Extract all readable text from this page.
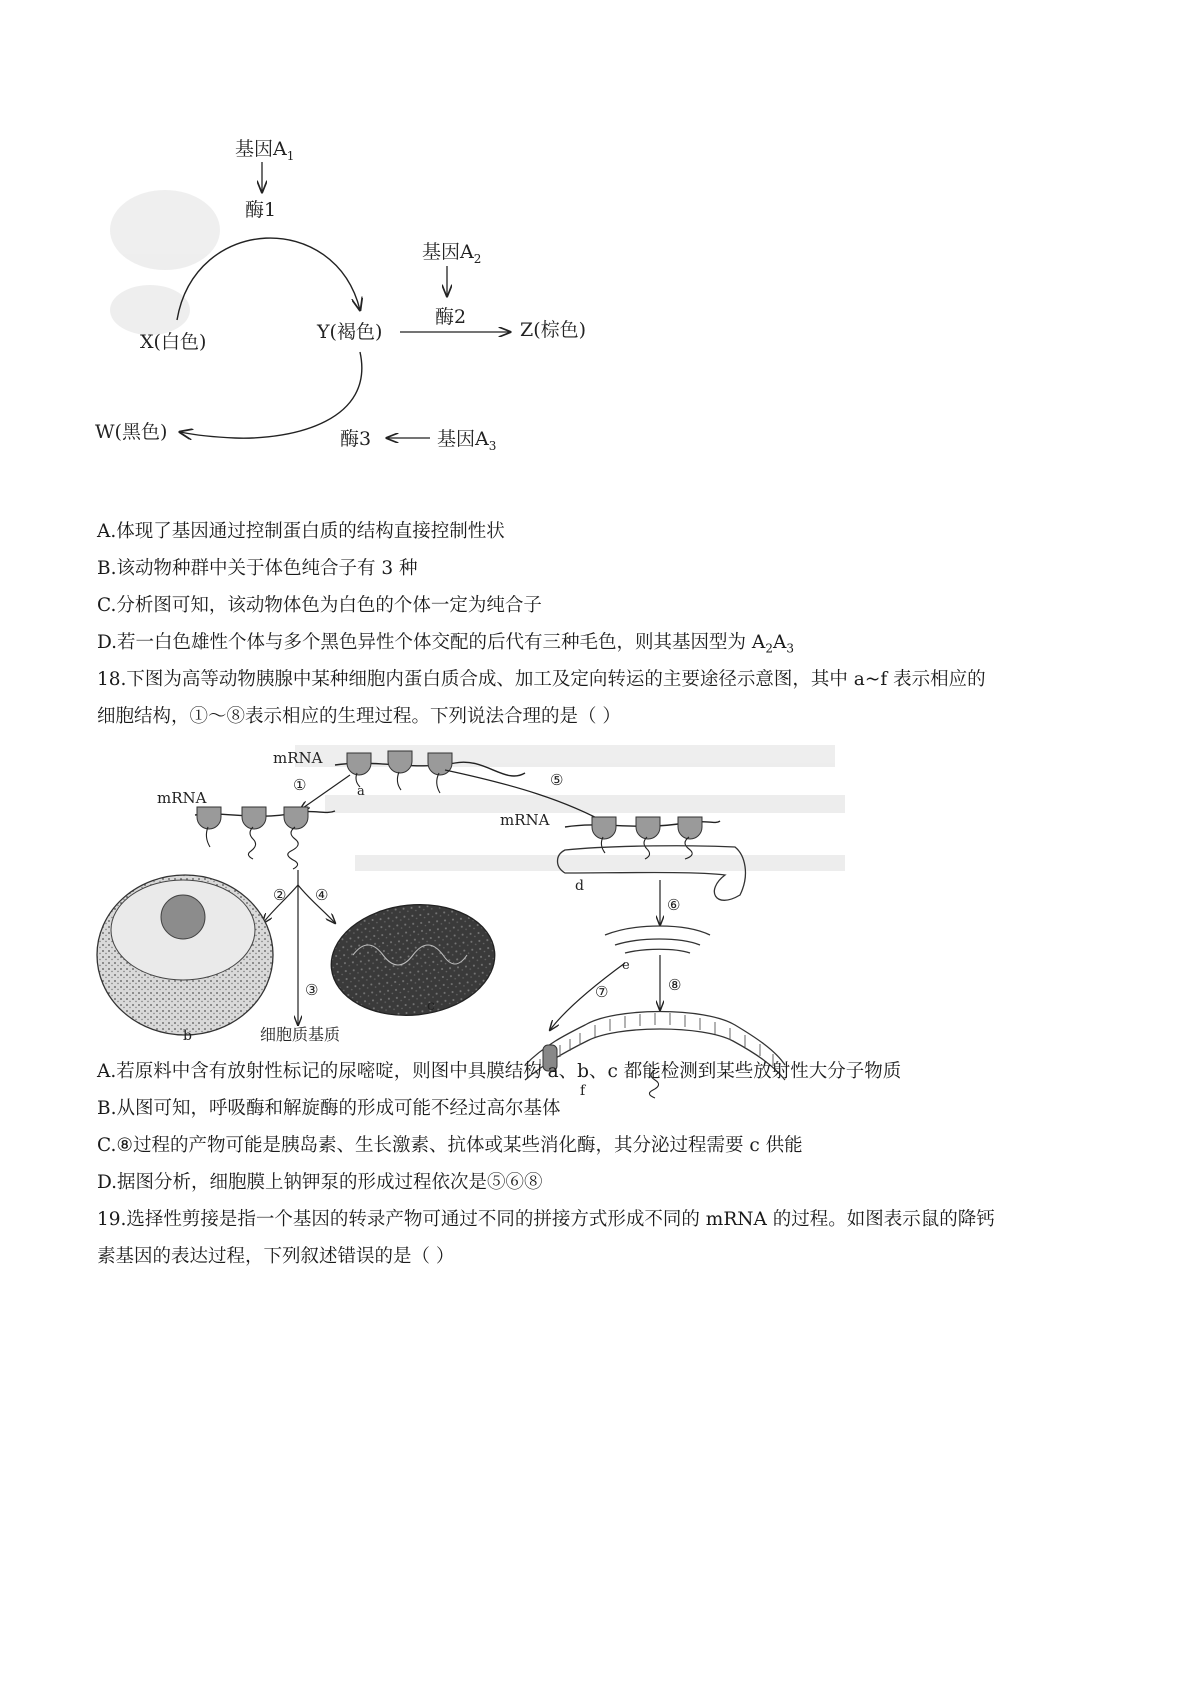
基因$A_1$
酶1
基因$A_2$
酶2
X(白色)	Y(褐色)	Z(棕色)
W(黑色)	酶3	基因$A_3$
A.体现了基因通过控制蛋白质的结构直接控制性状
B.该动物种群中关于体色纯合子有 3 种
C.分析图可知，该动物体色为白色的个体一定为纯合子
D.若一白色雄性个体与多个黑色异性个体交配的后代有三种毛色，则其基因型为 $A_2A_3$
18.下图为高等动物胰腺中某种细胞内蛋白质合成、加工及定向转运的主要途径示意图，其中 a~f 表示相应的
细胞结构，①～⑧表示相应的生理过程。下列说法合理的是（ ）
mRNA
a
①	⑤
mRNA
② ④
③
细胞质基质
b
c
mRNA
d
⑥
e
⑦	⑧
f
A.若原料中含有放射性标记的尿嘧啶，则图中具膜结构 a、b、c 都能检测到某些放射性大分子物质
B.从图可知，呼吸酶和解旋酶的形成可能不经过高尔基体
C.⑧过程的产物可能是胰岛素、生长激素、抗体或某些消化酶，其分泌过程需要 c 供能
D.据图分析，细胞膜上钠钾泵的形成过程依次是⑤⑥⑧
19.选择性剪接是指一个基因的转录产物可通过不同的拼接方式形成不同的 mRNA 的过程。如图表示鼠的降钙
素基因的表达过程，下列叙述错误的是（ ）
